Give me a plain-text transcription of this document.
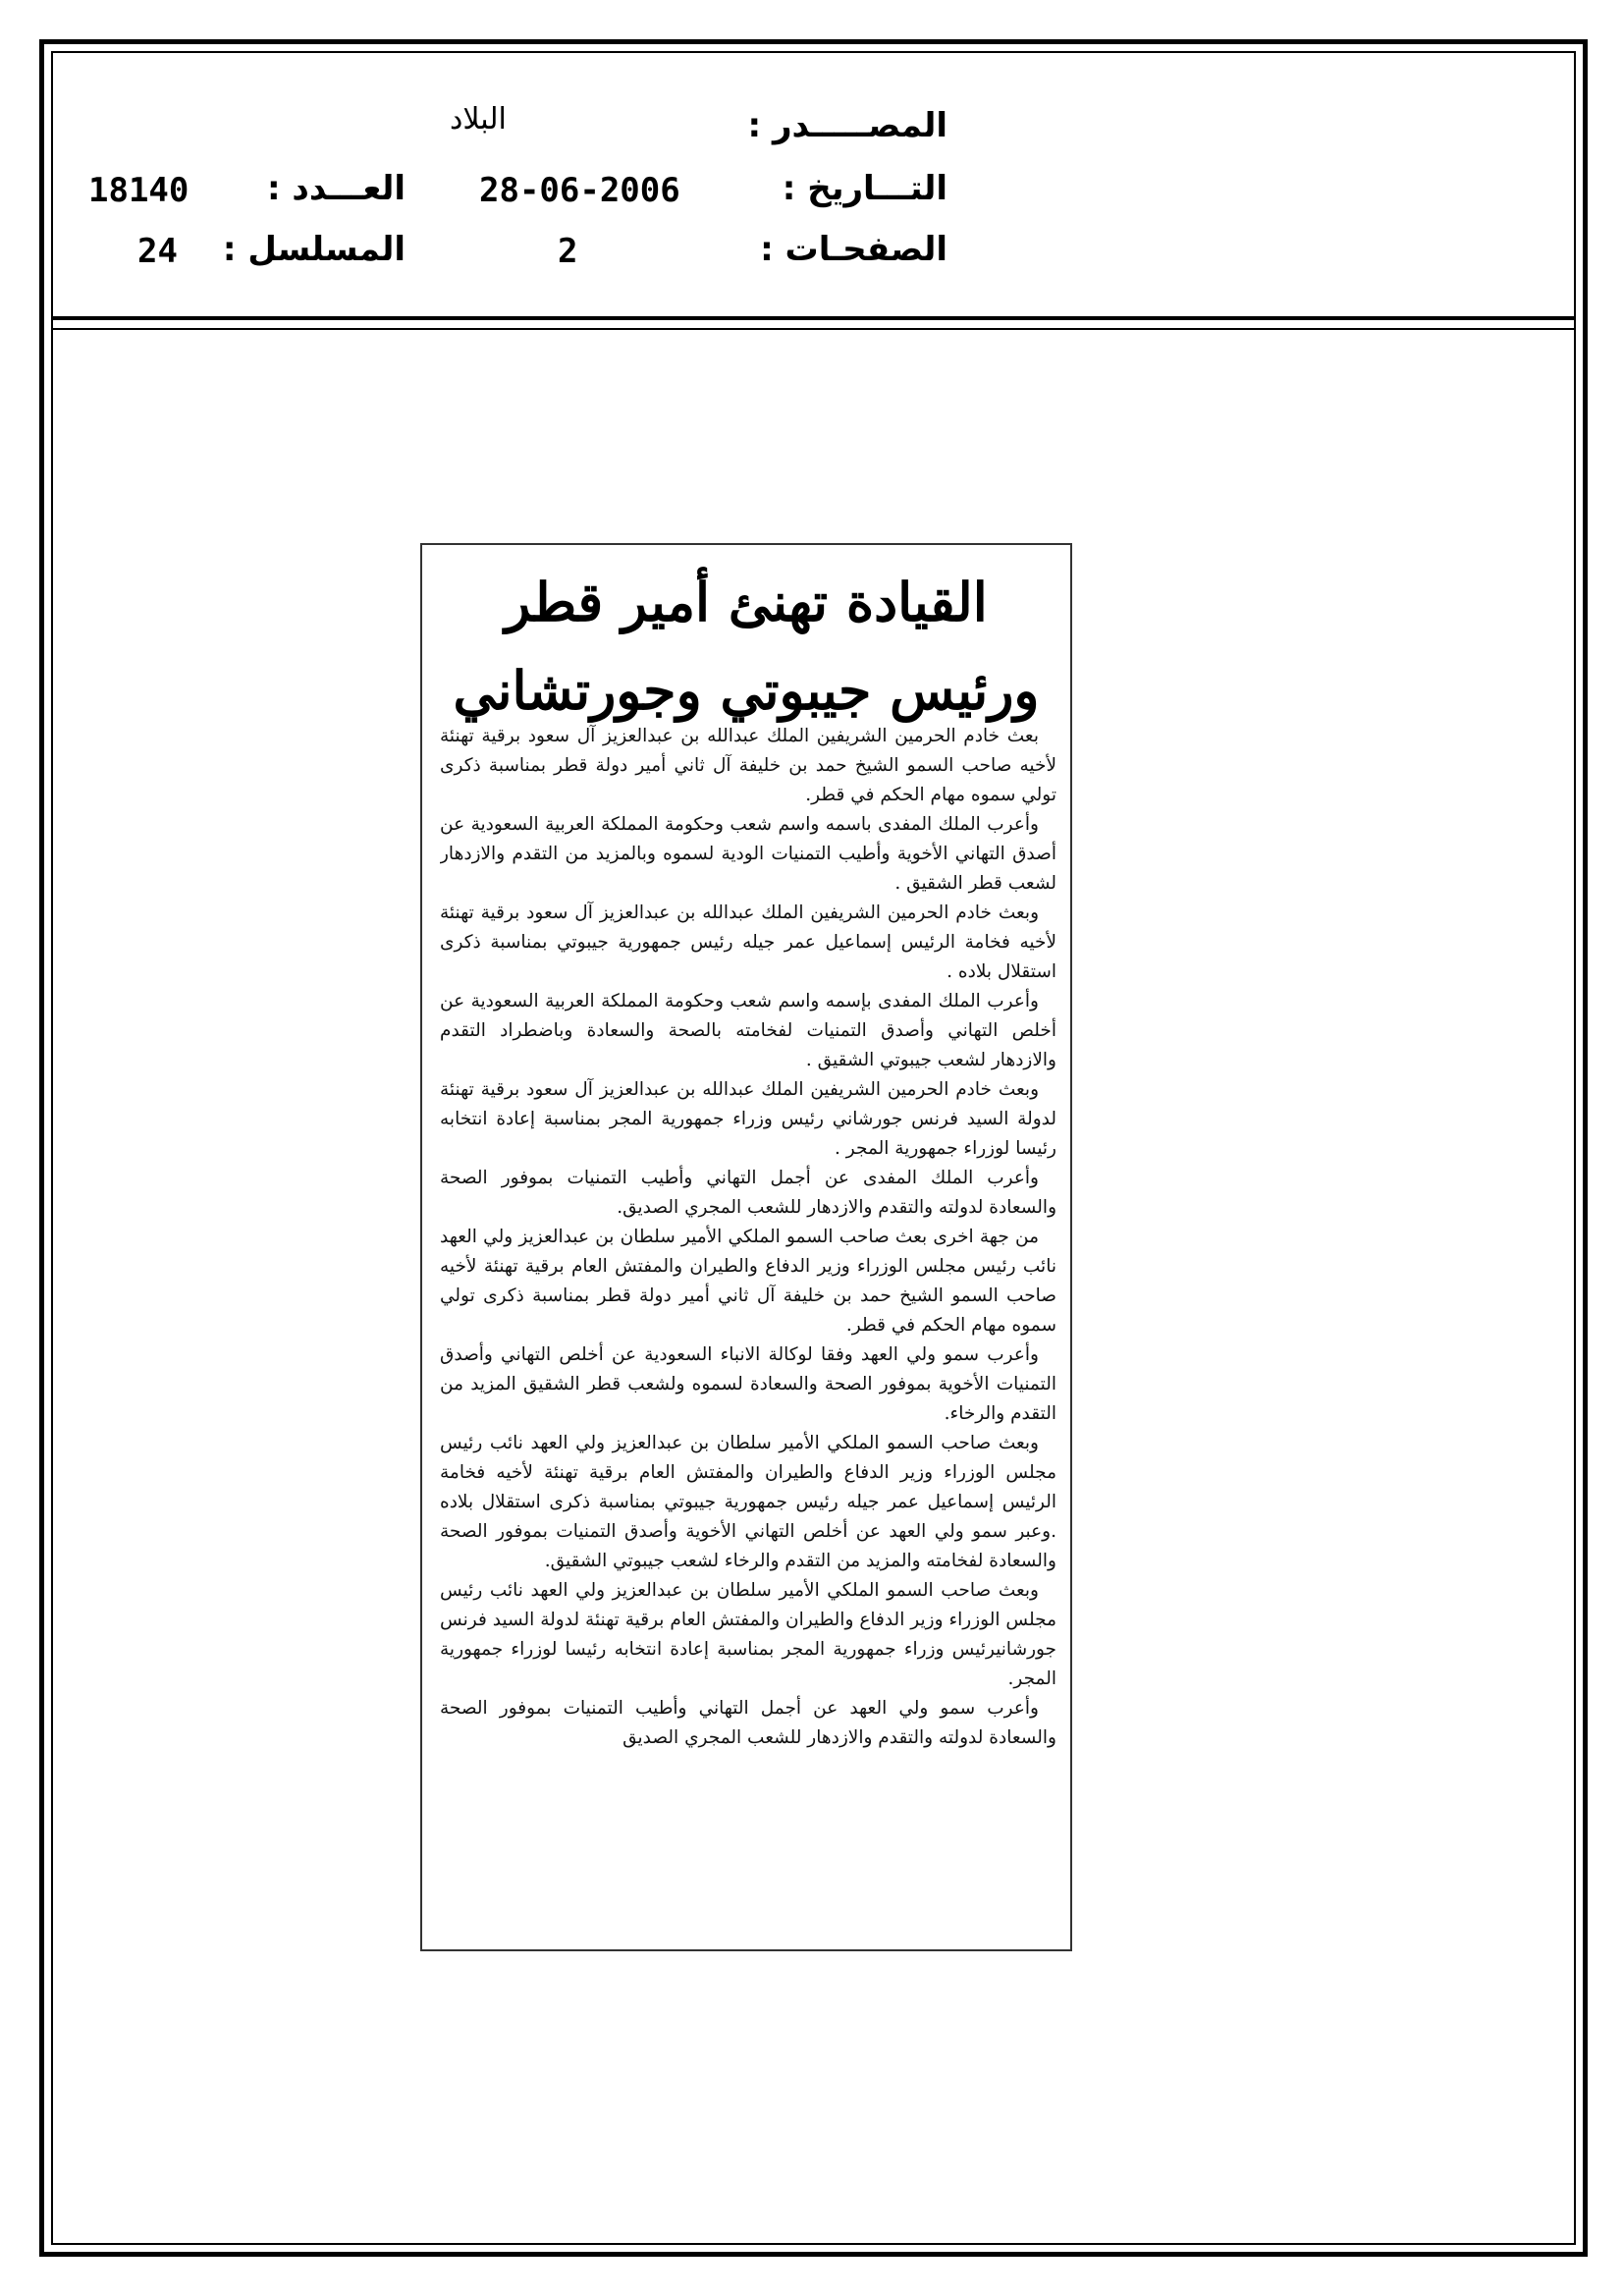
المصـــــدر :
التـــاريخ :
الصفحـات :
البلاد
28-06-2006
2
العـــدد :
المسلسل :
18140
24
القيادة تهنئ أمير قطر
ورئيس جيبوتي وجورتشاني

بعث خادم الحرمين الشريفين الملك عبدالله بن عبدالعزيز آل سعود برقية تهنئة لأخيه صاحب السمو الشيخ حمد بن خليفة آل ثاني أمير دولة قطر بمناسبة ذكرى تولي سموه مهام الحكم في قطر.

وأعرب الملك المفدى باسمه واسم شعب وحكومة المملكة العربية السعودية عن أصدق التهاني الأخوية وأطيب التمنيات الودية لسموه وبالمزيد من التقدم والازدهار لشعب قطر الشقيق .

وبعث خادم الحرمين الشريفين الملك عبدالله بن عبدالعزيز آل سعود برقية تهنئة لأخيه فخامة الرئيس إسماعيل عمر جيله رئيس جمهورية جيبوتي بمناسبة ذكرى استقلال بلاده .

وأعرب الملك المفدى بإسمه واسم شعب وحكومة المملكة العربية السعودية عن أخلص التهاني وأصدق التمنيات لفخامته بالصحة والسعادة وباضطراد التقدم والازدهار لشعب جيبوتي الشقيق .

وبعث خادم الحرمين الشريفين الملك عبدالله بن عبدالعزيز آل سعود برقية تهنئة لدولة السيد فرنس جورشاني رئيس وزراء جمهورية المجر بمناسبة إعادة انتخابه رئيسا لوزراء جمهورية المجر .

وأعرب الملك المفدى عن أجمل التهاني وأطيب التمنيات بموفور الصحة والسعادة لدولته والتقدم والازدهار للشعب المجري الصديق.

من جهة اخرى بعث صاحب السمو الملكي الأمير سلطان بن عبدالعزيز ولي العهد نائب رئيس مجلس الوزراء وزير الدفاع والطيران والمفتش العام برقية تهنئة لأخيه صاحب السمو الشيخ حمد بن خليفة آل ثاني أمير دولة قطر بمناسبة ذكرى تولي سموه مهام الحكم في قطر.

وأعرب سمو ولي العهد وفقا لوكالة الانباء السعودية عن أخلص التهاني وأصدق التمنيات الأخوية بموفور الصحة والسعادة لسموه ولشعب قطر الشقيق المزيد من التقدم والرخاء.

وبعث صاحب السمو الملكي الأمير سلطان بن عبدالعزيز ولي العهد نائب رئيس مجلس الوزراء وزير الدفاع والطيران والمفتش العام برقية تهنئة لأخيه فخامة الرئيس إسماعيل عمر جيله رئيس جمهورية جيبوتي بمناسبة ذكرى استقلال بلاده .وعبر سمو ولي العهد عن أخلص التهاني الأخوية وأصدق التمنيات بموفور الصحة والسعادة لفخامته والمزيد من التقدم والرخاء لشعب جيبوتي الشقيق.

وبعث صاحب السمو الملكي الأمير سلطان بن عبدالعزيز ولي العهد نائب رئيس مجلس الوزراء وزير الدفاع والطيران والمفتش العام برقية تهنئة لدولة السيد فرنس جورشانيرئيس وزراء جمهورية المجر بمناسبة إعادة انتخابه رئيسا لوزراء جمهورية المجر.

وأعرب سمو ولي العهد عن أجمل التهاني وأطيب التمنيات بموفور الصحة والسعادة لدولته والتقدم والازدهار للشعب المجري الصديق
